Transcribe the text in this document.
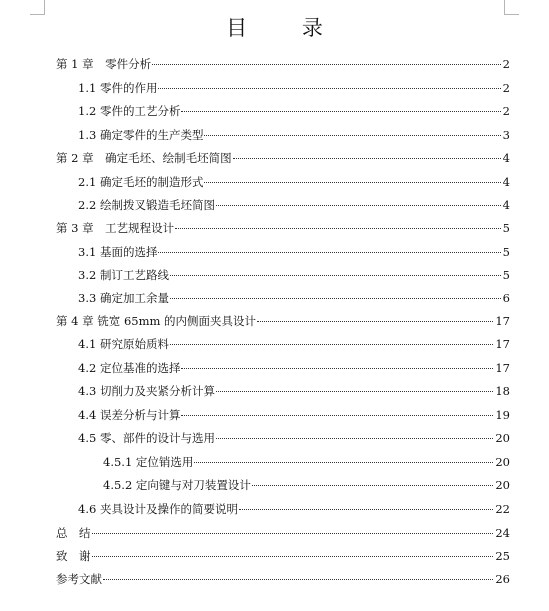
目 录
第 1 章　零件分析	2
1.1 零件的作用	2
1.2 零件的工艺分析	2
1.3 确定零件的生产类型	3
第 2 章　确定毛坯、绘制毛坯简图	4
2.1 确定毛坯的制造形式	4
2.2 绘制拨叉锻造毛坯简图	4
第 3 章　工艺规程设计	5
3.1 基面的选择	5
3.2 制订工艺路线	5
3.3 确定加工余量	6
第 4 章 铣宽 65mm 的内侧面夹具设计	17
4.1 研究原始质料	17
4.2 定位基准的选择	17
4.3 切削力及夹紧分析计算	18
4.4 误差分析与计算	19
4.5 零、部件的设计与选用	20
4.5.1 定位销选用	20
4.5.2 定向键与对刀装置设计	20
4.6 夹具设计及操作的简要说明	22
总　结	24
致　谢	25
参考文献	26
